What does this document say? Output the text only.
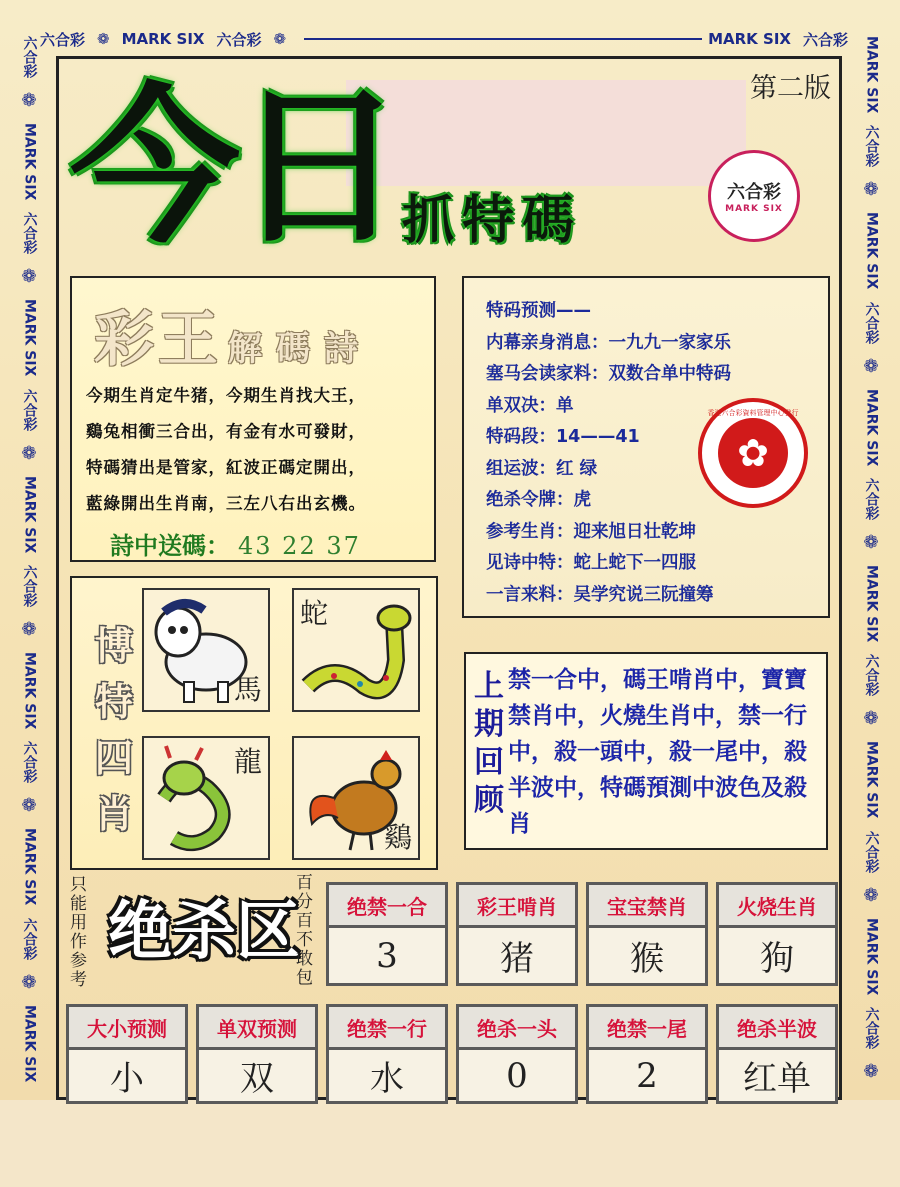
六合彩 ❁ MARK SIX 六合彩 ❁	MARK SIX 六合彩
六合彩
❁
MARK SIX
六合彩
❁
MARK SIX
六合彩
❁
MARK SIX
六合彩
❁
MARK SIX
六合彩
❁
MARK SIX
六合彩
❁
MARK SIX
MARK SIX
六合彩
❁
MARK SIX
六合彩
❁
MARK SIX
六合彩
❁
MARK SIX
六合彩
❁
MARK SIX
六合彩
❁
MARK SIX
六合彩
❁
今日 抓特碼
第二版
六合彩
MARK SIX
彩王 解碼詩
今期生肖定牛猪，今期生肖找大王，
鷄兔相衝三合出，有金有水可發財，
特碼猜出是管家，紅波正碼定開出，
藍綠開出生肖南，三左八右出玄機。
詩中送碼： 43 22 37
特码预测——
内幕亲身消息：一九九一家家乐
塞马会读家料：双数合单中特码
单双决：单
特码段：14——41
组运波：红 绿
绝杀令牌：虎
参考生肖：迎来旭日壮乾坤
见诗中特：蛇上蛇下一四服
一言来料：吴学究说三阮撞筹
香港六合彩資料管理中心發行
✿
博
特
四
肖
馬
蛇
龍
鷄
上
期
回
顾
禁一合中，碼王啃肖中，寶寶禁肖中，火燒生肖中，禁一行中，殺一頭中，殺一尾中，殺半波中，特碼預測中波色及殺肖
只能用作参考
绝杀区
百分百不敢包
绝禁一合
3
彩王啃肖
猪
宝宝禁肖
猴
火烧生肖
狗
大小预测
小
单双预测
双
绝禁一行
水
绝杀一头
0
绝禁一尾
2
绝杀半波
红单
